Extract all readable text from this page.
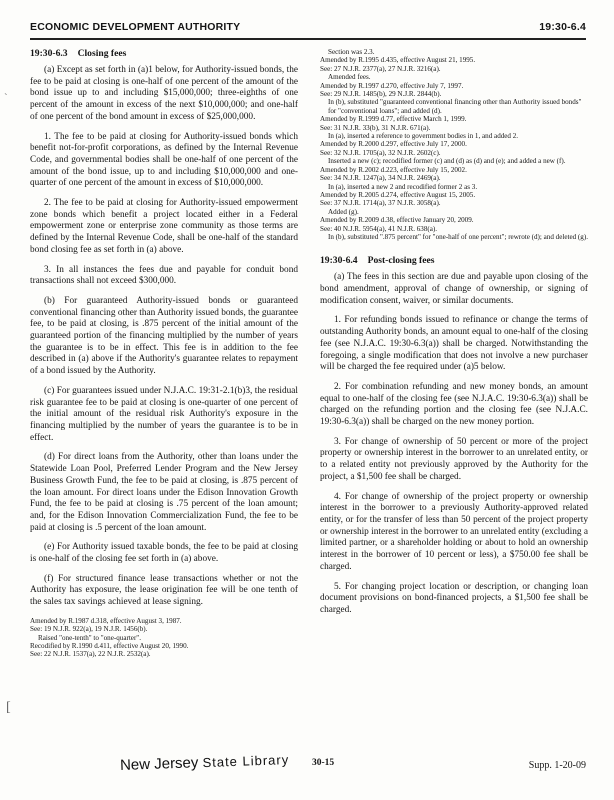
ECONOMIC DEVELOPMENT AUTHORITY	19:30-6.4
19:30-6.3 Closing fees

(a) Except as set forth in (a)1 below, for Authority-issued bonds, the fee to be paid at closing is one-half of one percent of the amount of the bond issue up to and including $15,000,000; three-eighths of one percent of the amount in excess of the next $10,000,000; and one-half of one percent of the bond amount in excess of $25,000,000.

1. The fee to be paid at closing for Authority-issued bonds which benefit not-for-profit corporations, as defined by the Internal Revenue Code, and governmental bodies shall be one-half of one percent of the amount of the bond issue, up to and including $10,000,000 and one-quarter of one percent of the amount in excess of $10,000,000.

2. The fee to be paid at closing for Authority-issued empowerment zone bonds which benefit a project located either in a Federal empowerment zone or enterprise zone community as those terms are defined by the Internal Revenue Code, shall be one-half of the standard bond closing fee as set forth in (a) above.

3. In all instances the fees due and payable for conduit bond transactions shall not exceed $300,000.

(b) For guaranteed Authority-issued bonds or guaranteed conventional financing other than Authority issued bonds, the guarantee fee, to be paid at closing, is .875 percent of the initial amount of the guaranteed portion of the financing multiplied by the number of years the guarantee is to be in effect. This fee is in addition to the fee described in (a) above if the Authority's guarantee relates to repayment of a bond issued by the Authority.

(c) For guarantees issued under N.J.A.C. 19:31-2.1(b)3, the residual risk guarantee fee to be paid at closing is one-quarter of one percent of the initial amount of the residual risk Authority's exposure in the financing multiplied by the number of years the guarantee is to be in effect.

(d) For direct loans from the Authority, other than loans under the Statewide Loan Pool, Preferred Lender Program and the New Jersey Business Growth Fund, the fee to be paid at closing, is .875 percent of the loan amount. For direct loans under the Edison Innovation Growth Fund, the fee to be paid at closing is .75 percent of the loan amount; and, for the Edison Innovation Commercialization Fund, the fee to be paid at closing is .5 percent of the loan amount.

(e) For Authority issued taxable bonds, the fee to be paid at closing is one-half of the closing fee set forth in (a) above.

(f) For structured finance lease transactions whether or not the Authority has exposure, the lease origination fee will be one tenth of the sales tax savings achieved at lease signing.

Amended by R.1987 d.318, effective August 3, 1987.

See: 19 N.J.R. 922(a), 19 N.J.R. 1456(b).

Raised "one-tenth" to "one-quarter".

Recodified by R.1990 d.411, effective August 20, 1990.

See: 22 N.J.R. 1537(a), 22 N.J.R. 2532(a).

Section was 2.3.

Amended by R.1995 d.435, effective August 21, 1995.

See: 27 N.J.R. 2377(a), 27 N.J.R. 3216(a).

Amended fees.

Amended by R.1997 d.270, effective July 7, 1997.

See: 29 N.J.R. 1485(b), 29 N.J.R. 2844(b).

In (b), substituted "guaranteed conventional financing other than Authority issued bonds" for "conventional loans"; and added (d).

Amended by R.1999 d.77, effective March 1, 1999.

See: 31 N.J.R. 33(b), 31 N.J.R. 671(a).

In (a), inserted a reference to government bodies in 1, and added 2.

Amended by R.2000 d.297, effective July 17, 2000.

See: 32 N.J.R. 1705(a), 32 N.J.R. 2602(c).

Inserted a new (c); recodified former (c) and (d) as (d) and (e); and added a new (f).

Amended by R.2002 d.223, effective July 15, 2002.

See: 34 N.J.R. 1247(a), 34 N.J.R. 2469(a).

In (a), inserted a new 2 and recodified former 2 as 3.

Amended by R.2005 d.274, effective August 15, 2005.

See: 37 N.J.R. 1714(a), 37 N.J.R. 3058(a).

Added (g).

Amended by R.2009 d.38, effective January 20, 2009.

See: 40 N.J.R. 5954(a), 41 N.J.R. 638(a).

In (b), substituted ".875 percent" for "one-half of one percent"; rewrote (d); and deleted (g).

19:30-6.4 Post-closing fees

(a) The fees in this section are due and payable upon closing of the bond amendment, approval of change of ownership, or signing of modification consent, waiver, or similar documents.

1. For refunding bonds issued to refinance or change the terms of outstanding Authority bonds, an amount equal to one-half of the closing fee (see N.J.A.C. 19:30-6.3(a)) shall be charged. Notwithstanding the foregoing, a single modification that does not involve a new purchaser will be charged the fee required under (a)5 below.

2. For combination refunding and new money bonds, an amount equal to one-half of the closing fee (see N.J.A.C. 19:30-6.3(a)) shall be charged on the refunding portion and the closing fee (see N.J.A.C. 19:30-6.3(a)) shall be charged on the new money portion.

3. For change of ownership of 50 percent or more of the project property or ownership interest in the borrower to an unrelated entity, or to a related entity not previously approved by the Authority for the project, a $1,500 fee shall be charged.

4. For change of ownership of the project property or ownership interest in the borrower to a previously Authority-approved related entity, or for the transfer of less than 50 percent of the project property or ownership interest in the borrower to an unrelated entity (excluding a limited partner, or a shareholder holding or about to hold an ownership interest in the borrower of 10 percent or less), a $750.00 fee shall be charged.

5. For changing project location or description, or changing loan document provisions on bond-financed projects, a $1,500 fee shall be charged.

`
[
New Jersey State Library 30-15	Supp. 1-20-09
